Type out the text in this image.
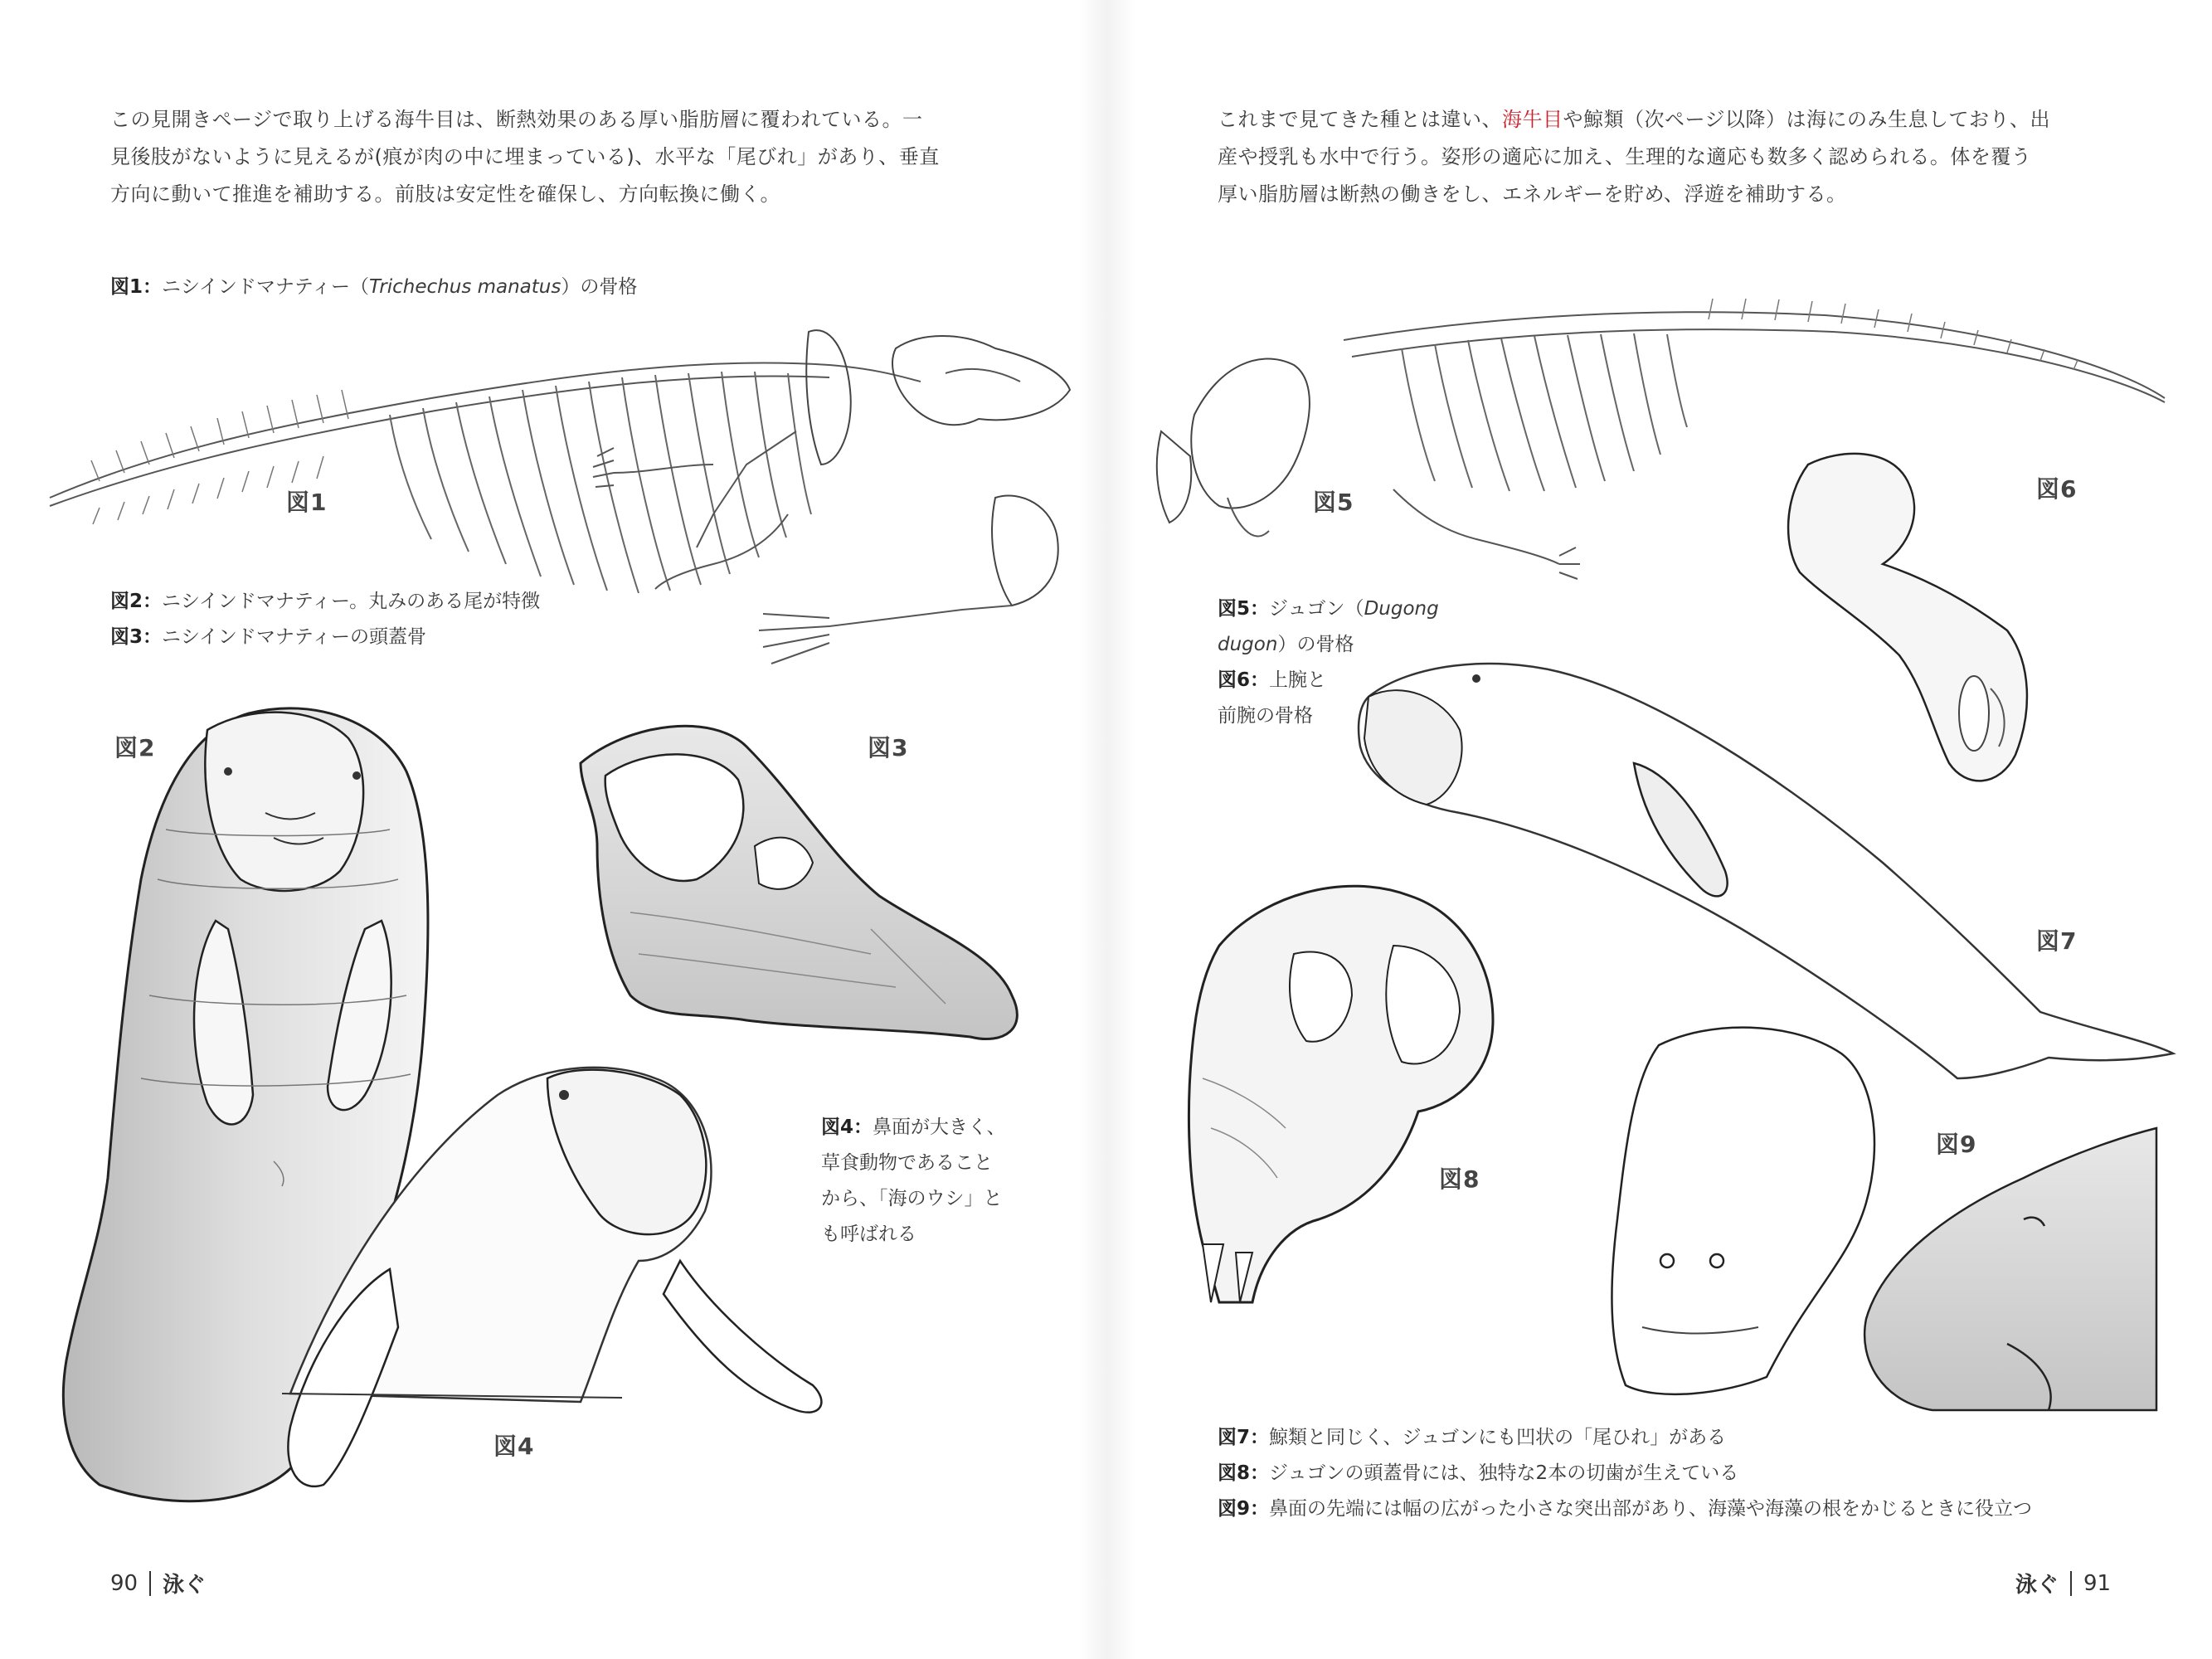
この見開きページで取り上げる海牛目は、断熱効果のある厚い脂肪層に覆われている。一
見後肢がないように見えるが(痕が肉の中に埋まっている)、水平な「尾びれ」があり、垂直
方向に動いて推進を補助する。前肢は安定性を確保し、方向転換に働く。
図1：ニシインドマナティー（Trichechus manatus）の骨格
図1
図2：ニシインドマナティー。丸みのある尾が特徴
図3：ニシインドマナティーの頭蓋骨
図2	図3
図4：鼻面が大きく、
草食動物であること
から、「海のウシ」と
も呼ばれる
図4
90 泳ぐ
これまで見てきた種とは違い、海牛目や鯨類（次ページ以降）は海にのみ生息しており、出
産や授乳も水中で行う。姿形の適応に加え、生理的な適応も数多く認められる。体を覆う
厚い脂肪層は断熱の働きをし、エネルギーを貯め、浮遊を補助する。
図5	図6
図5：ジュゴン（Dugong
dugon）の骨格
図6：上腕と
前腕の骨格
図7
図8
図9
図7：鯨類と同じく、ジュゴンにも凹状の「尾ひれ」がある
図8：ジュゴンの頭蓋骨には、独特な2本の切歯が生えている
図9：鼻面の先端には幅の広がった小さな突出部があり、海藻や海藻の根をかじるときに役立つ
泳ぐ 91
